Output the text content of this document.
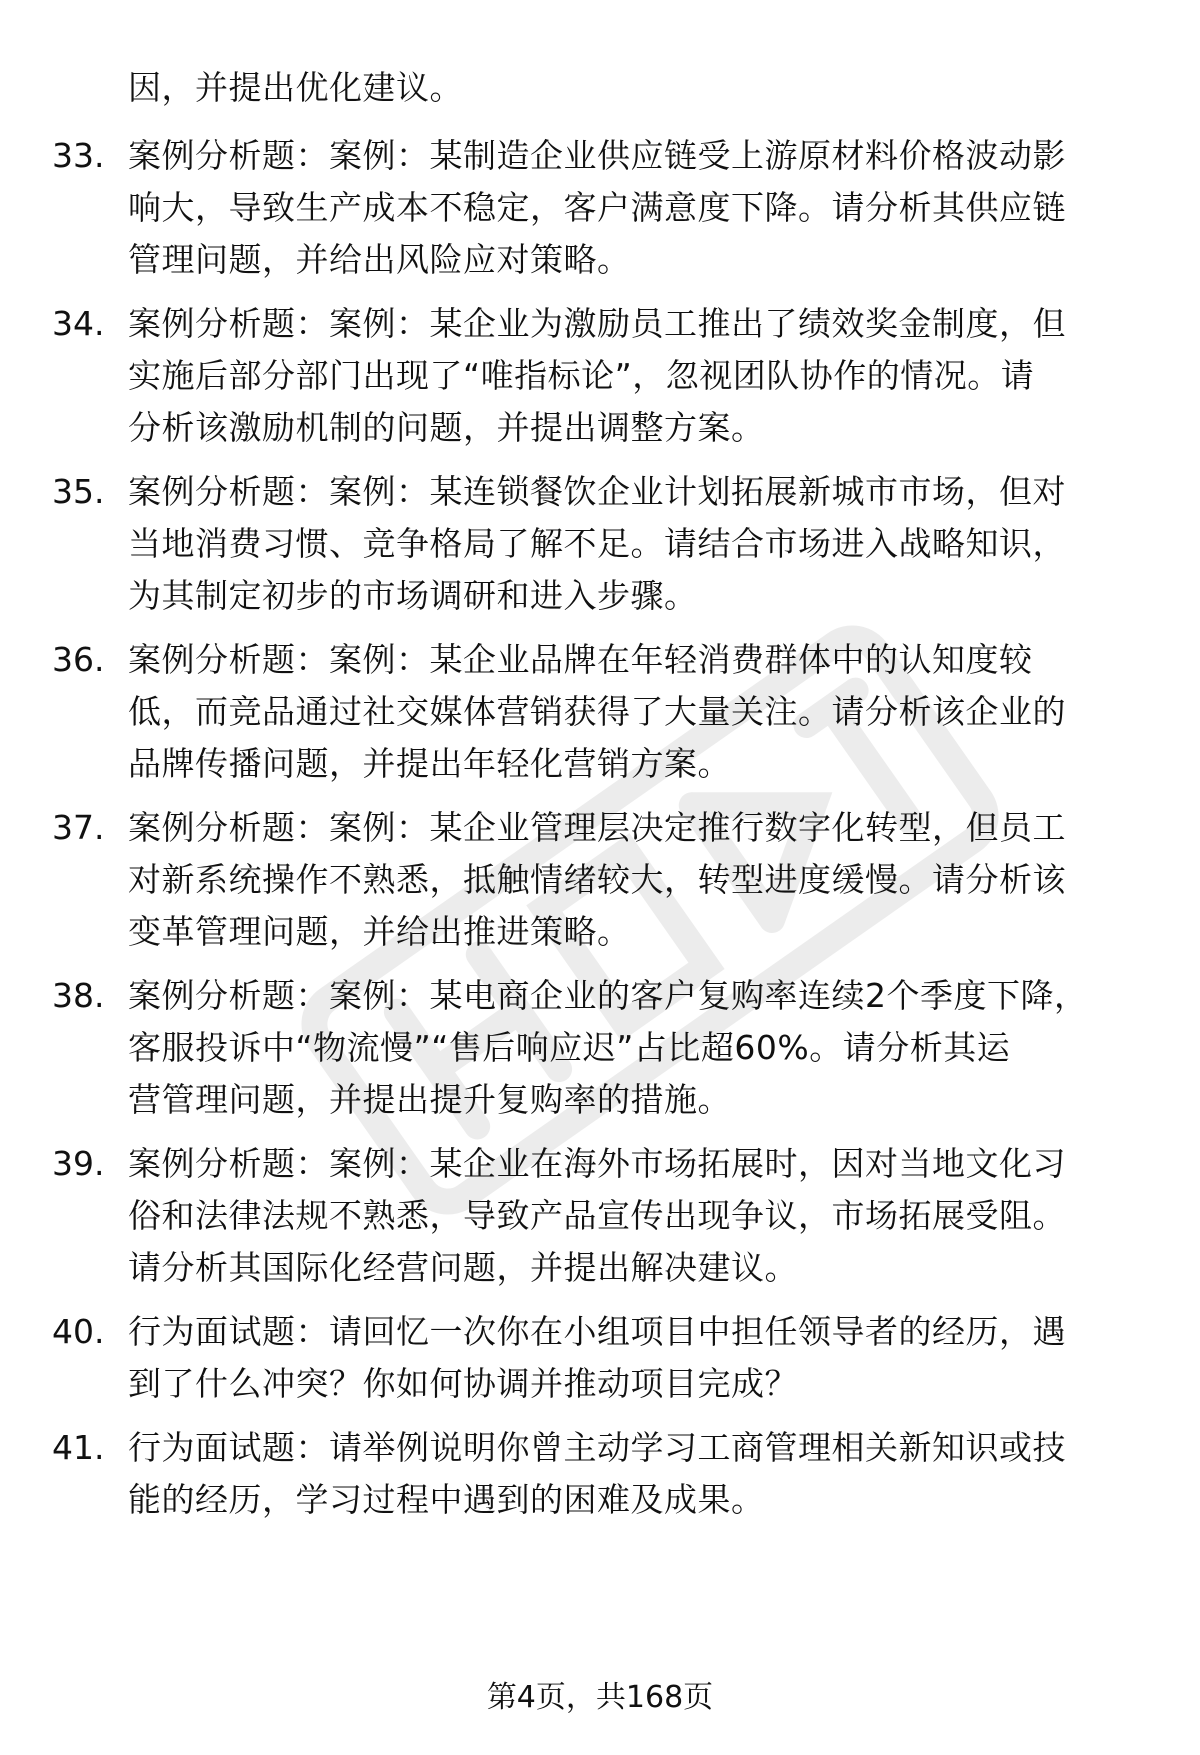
因，并提出优化建议。
33. 案例分析题：案例：某制造企业供应链受上游原材料价格波动影
响大，导致生产成本不稳定，客户满意度下降。请分析其供应链
管理问题，并给出风险应对策略。
34. 案例分析题：案例：某企业为激励员工推出了绩效奖金制度，但
实施后部分部门出现了“唯指标论”，忽视团队协作的情况。请
分析该激励机制的问题，并提出调整方案。
35. 案例分析题：案例：某连锁餐饮企业计划拓展新城市市场，但对
当地消费习惯、竞争格局了解不足。请结合市场进入战略知识，
为其制定初步的市场调研和进入步骤。
36. 案例分析题：案例：某企业品牌在年轻消费群体中的认知度较
低，而竞品通过社交媒体营销获得了大量关注。请分析该企业的
品牌传播问题，并提出年轻化营销方案。
37. 案例分析题：案例：某企业管理层决定推行数字化转型，但员工
对新系统操作不熟悉，抵触情绪较大，转型进度缓慢。请分析该
变革管理问题，并给出推进策略。
38. 案例分析题：案例：某电商企业的客户复购率连续2个季度下降，
客服投诉中“物流慢”“售后响应迟”占比超60%。请分析其运
营管理问题，并提出提升复购率的措施。
39. 案例分析题：案例：某企业在海外市场拓展时，因对当地文化习
俗和法律法规不熟悉，导致产品宣传出现争议，市场拓展受阻。
请分析其国际化经营问题，并提出解决建议。
40. 行为面试题：请回忆一次你在小组项目中担任领导者的经历，遇
到了什么冲突？你如何协调并推动项目完成？
41. 行为面试题：请举例说明你曾主动学习工商管理相关新知识或技
能的经历，学习过程中遇到的困难及成果。
第4页，共168页
